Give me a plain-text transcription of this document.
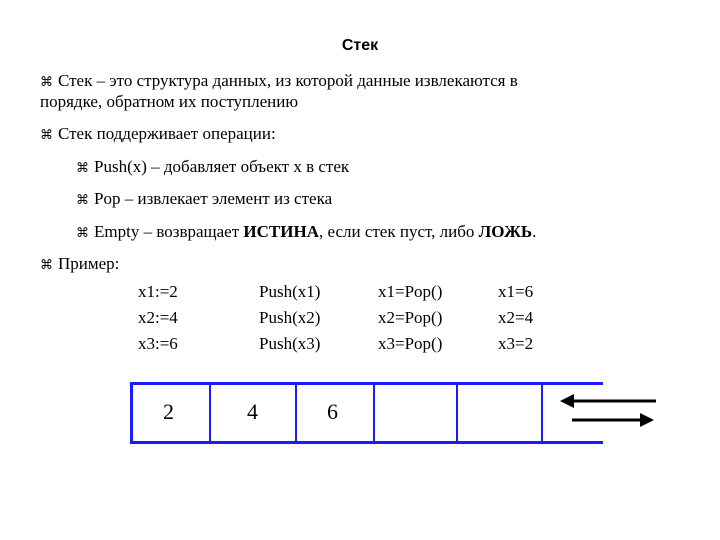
Стек
⌘ Стек – это структура данных, из которой данные извлекаются в
порядке, обратном их поступлению
⌘ Стек поддерживает операции:
⌘ Push(x) – добавляет объект x в стек
⌘ Pop – извлекает элемент из стека
⌘ Empty – возвращает ИСТИНА, если стек пуст, либо ЛОЖЬ.
⌘ Пример:
x1:=2
x2:=4
x3:=6
Push(x1)
Push(x2)
Push(x3)
x1=Pop()
x2=Pop()
x3=Pop()
x1=6
x2=4
x3=2
2	4	6
